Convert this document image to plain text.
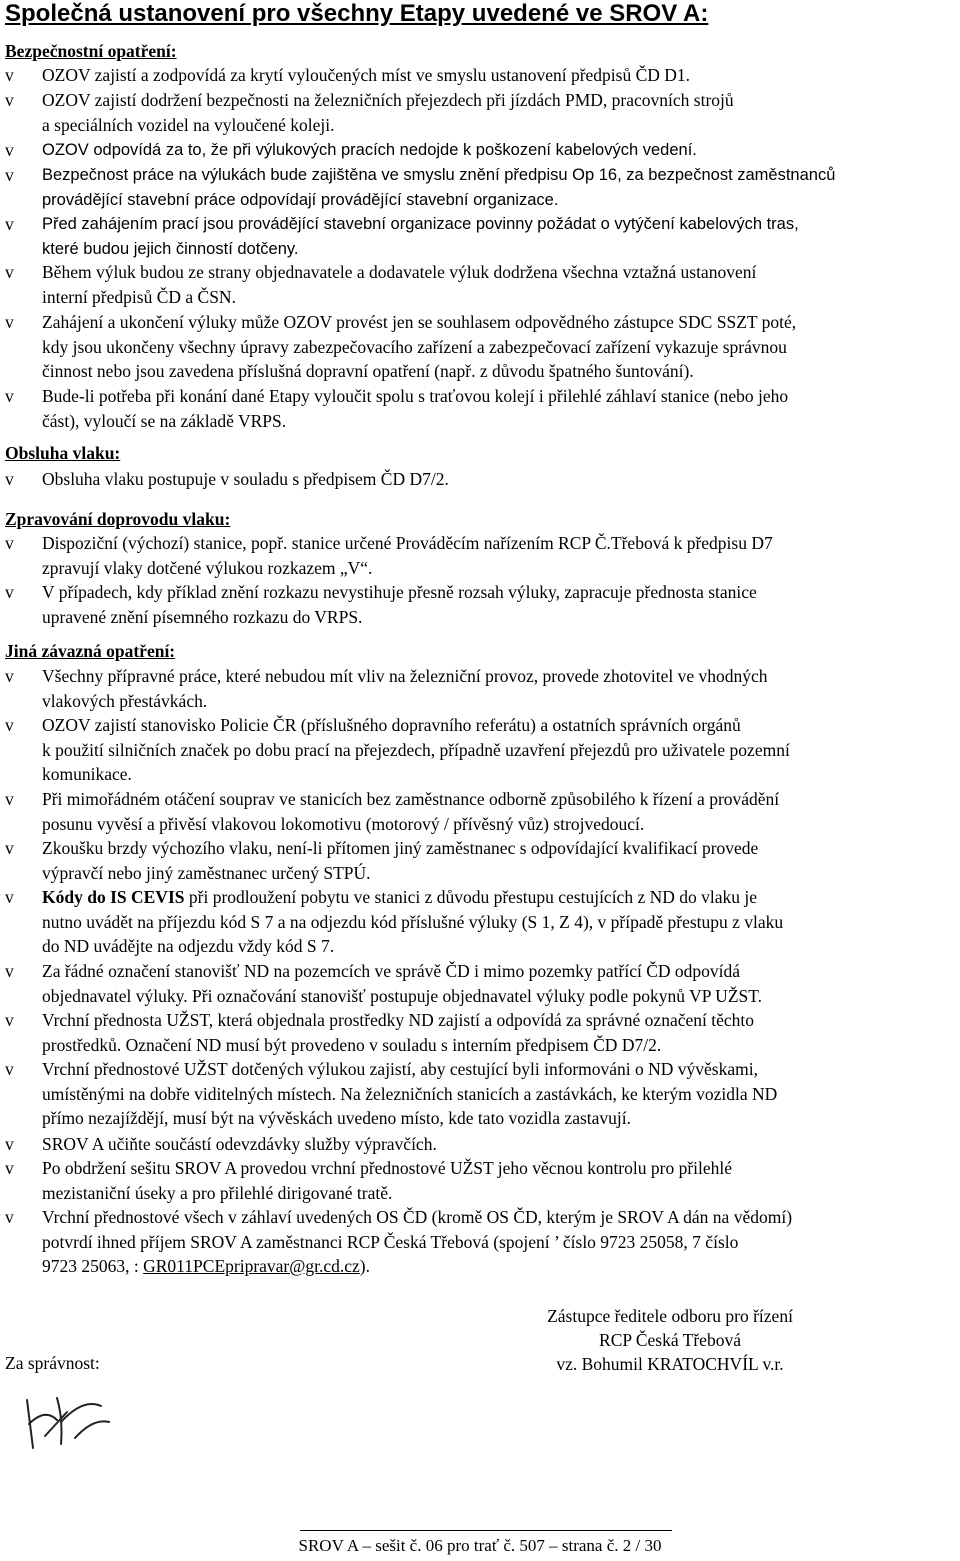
Společná ustanovení pro všechny Etapy uvedené ve SROV A:
Bezpečnostní opatření:
v	OZOV zajistí a zodpovídá za krytí vyloučených míst ve smyslu ustanovení předpisů ČD D1.
v	OZOV zajistí dodržení bezpečnosti na železničních přejezdech při jízdách PMD, pracovních strojů
a speciálních vozidel na vyloučené koleji.
v	OZOV odpovídá za to, že při výlukových pracích nedojde k poškození kabelových vedení.
v	Bezpečnost práce na výlukách bude zajištěna ve smyslu znění předpisu Op 16, za bezpečnost zaměstnanců
provádějící stavební práce odpovídají provádějící stavební organizace.
v	Před zahájením prací jsou provádějící stavební organizace povinny požádat o vytýčení kabelových tras,
které budou jejich činností dotčeny.
v	Během výluk budou ze strany objednavatele a dodavatele výluk dodržena všechna vztažná ustanovení
interní předpisů ČD a ČSN.
v	Zahájení a ukončení výluky může OZOV provést jen se souhlasem odpovědného zástupce SDC SSZT poté,
kdy jsou ukončeny všechny úpravy zabezpečovacího zařízení a zabezpečovací zařízení vykazuje správnou
činnost nebo jsou zavedena příslušná dopravní opatření (např. z důvodu špatného šuntování).
v	Bude-li potřeba při konání dané Etapy vyloučit spolu s traťovou kolejí i přilehlé záhlaví stanice (nebo jeho
část), vyloučí se na základě VRPS.
Obsluha vlaku:
v	Obsluha vlaku postupuje v souladu s předpisem ČD D7/2.
Zpravování doprovodu vlaku:
v	Dispoziční (výchozí) stanice, popř. stanice určené Prováděcím nařízením RCP Č.Třebová k předpisu D7
zpravují vlaky dotčené výlukou rozkazem „V“.
v	V případech, kdy příklad znění rozkazu nevystihuje přesně rozsah výluky, zapracuje přednosta stanice
upravené znění písemného rozkazu do VRPS.
Jiná závazná opatření:
v	Všechny přípravné práce, které nebudou mít vliv na železniční provoz, provede zhotovitel ve vhodných
vlakových přestávkách.
v	OZOV zajistí stanovisko Policie ČR (příslušného dopravního referátu) a ostatních správních orgánů
k použití silničních značek po dobu prací na přejezdech, případně uzavření přejezdů pro uživatele pozemní
komunikace.
v	Při mimořádném otáčení souprav ve stanicích bez zaměstnance odborně způsobilého k řízení a provádění
posunu vyvěsí a přivěsí vlakovou lokomotivu (motorový / přívěsný vůz) strojvedoucí.
v	Zkoušku brzdy výchozího vlaku, není-li přítomen jiný zaměstnanec s odpovídající kvalifikací provede
výpravčí nebo jiný zaměstnanec určený STPÚ.
v	Kódy do IS CEVIS při prodloužení pobytu ve stanici z důvodu přestupu cestujících z ND do vlaku je
nutno uvádět na příjezdu kód S 7 a na odjezdu kód příslušné výluky (S 1, Z 4), v případě přestupu z vlaku
do ND uvádějte na odjezdu vždy kód S 7.
v	Za řádné označení stanovišť ND na pozemcích ve správě ČD i mimo pozemky patřící ČD odpovídá
objednavatel výluky. Při označování stanovišť postupuje objednavatel výluky podle pokynů VP UŽST.
v	Vrchní přednosta UŽST, která objednala prostředky ND zajistí a odpovídá za správné označení těchto
prostředků. Označení ND musí být provedeno v souladu s interním předpisem ČD D7/2.
v	Vrchní přednostové UŽST dotčených výlukou zajistí, aby cestující byli informováni o ND vývěskami,
umístěnými na dobře viditelných místech. Na železničních stanicích a zastávkách, ke kterým vozidla ND
přímo nezajíždějí, musí být na vývěskách uvedeno místo, kde tato vozidla zastavují.
v	SROV A učiňte součástí odevzdávky služby výpravčích.
v	Po obdržení sešitu SROV A provedou vrchní přednostové UŽST jeho věcnou kontrolu pro přilehlé
mezistaniční úseky a pro přilehlé dirigované tratě.
v	Vrchní přednostové všech v záhlaví uvedených OS ČD (kromě OS ČD, kterým je SROV A dán na vědomí)
potvrdí ihned příjem SROV A zaměstnanci RCP Česká Třebová (spojení ’ číslo 9723 25058, 7 číslo
9723 25063, : GR011PCEpripravar@gr.cd.cz).
Zástupce ředitele odboru pro řízení
RCP Česká Třebová
vz. Bohumil KRATOCHVÍL v.r.
Za správnost:
SROV A – sešit č. 06 pro trať č. 507 – strana č. 2 / 30
